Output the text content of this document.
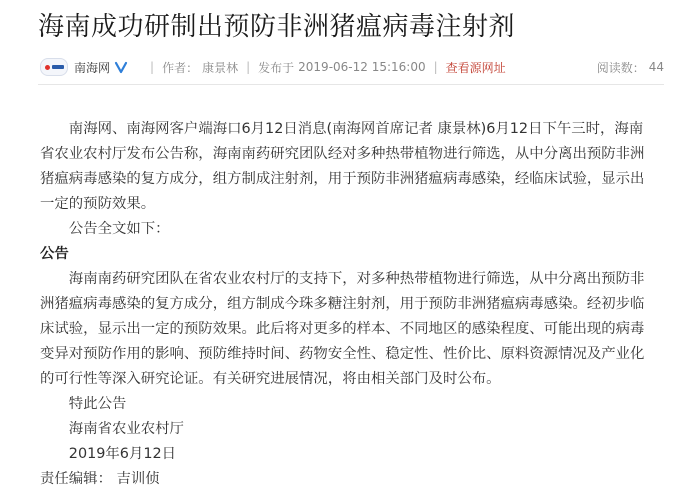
海南成功研制出预防非洲猪瘟病毒注射剂
南海网	| 作者： 康景林 | 发布于 2019-06-12 15:16:00 | 查看源网址	阅读数： 44

南海网、南海网客户端海口6月12日消息(南海网首席记者 康景林)6月12日下午三时，海南省农业农村厅发布公告称，海南南药研究团队经对多种热带植物进行筛选，从中分离出预防非洲猪瘟病毒感染的复方成分，组方制成注射剂，用于预防非洲猪瘟病毒感染，经临床试验，显示出一定的预防效果。

公告全文如下：

公告

海南南药研究团队在省农业农村厅的支持下，对多种热带植物进行筛选，从中分离出预防非洲猪瘟病毒感染的复方成分，组方制成今珠多糖注射剂，用于预防非洲猪瘟病毒感染。经初步临床试验，显示出一定的预防效果。此后将对更多的样本、不同地区的感染程度、可能出现的病毒变异对预防作用的影响、预防维持时间、药物安全性、稳定性、性价比、原料资源情况及产业化的可行性等深入研究论证。有关研究进展情况，将由相关部门及时公布。

特此公告

海南省农业农村厅

2019年6月12日

责任编辑： 吉训侦
